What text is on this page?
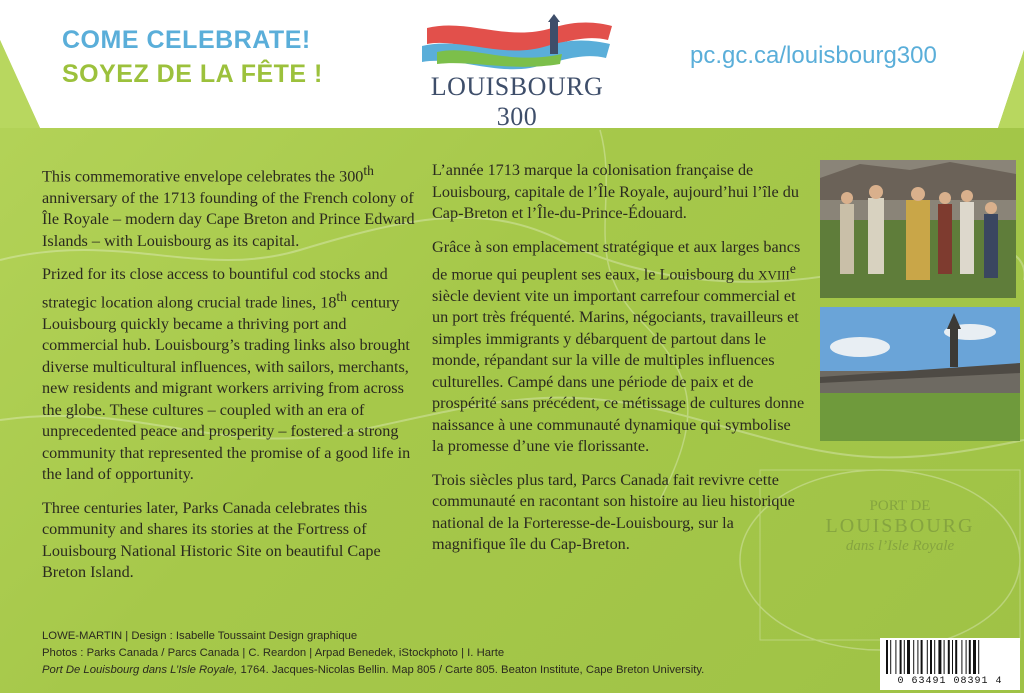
COME CELEBRATE!
SOYEZ DE LA FÊTE !	LOUISBOURG 300
pc.gc.ca/louisbourg300

This commemorative envelope celebrates the 300th anniversary of the 1713 founding of the French colony of Île Royale – modern day Cape Breton and Prince Edward Islands – with Louisbourg as its capital.

Prized for its close access to bountiful cod stocks and strategic location along crucial trade lines, 18th century Louisbourg quickly became a thriving port and commercial hub. Louisbourg’s trading links also brought diverse multicultural influences, with sailors, merchants, new residents and migrant workers arriving from across the globe. These cultures – coupled with an era of unprecedented peace and prosperity – fostered a strong community that represented the promise of a good life in the land of opportunity.

Three centuries later, Parks Canada celebrates this community and shares its stories at the Fortress of Louisbourg National Historic Site on beautiful Cape Breton Island.

L’année 1713 marque la colonisation française de Louisbourg, capitale de l’Île Royale, aujourd’hui l’île du Cap-Breton et l’Île-du-Prince-Édouard.

Grâce à son emplacement stratégique et aux larges bancs de morue qui peuplent ses eaux, le Louisbourg du XVIIIe siècle devient vite un important carrefour commercial et un port très fréquenté. Marins, négociants, travailleurs et simples immigrants y débarquent de partout dans le monde, répandant sur la ville de multiples influences culturelles. Campé dans une période de paix et de prospérité sans précédent, ce métissage de cultures donne naissance à une communauté dynamique qui symbolise la promesse d’une vie florissante.

Trois siècles plus tard, Parcs Canada fait revivre cette communauté en racontant son histoire au lieu historique national de la Forteresse-de-Louisbourg, sur la magnifique île du Cap-Breton.

PORT DE
LOUISBOURG
dans l’Isle Royale
LOWE-MARTIN | Design : Isabelle Toussaint Design graphique
Photos : Parks Canada / Parcs Canada | C. Reardon | Arpad Benedek, iStockphoto | I. Harte
Port De Louisbourg dans L’Isle Royale, 1764. Jacques-Nicolas Bellin. Map 805 / Carte 805. Beaton Institute, Cape Breton University.
0 63491 08391 4
